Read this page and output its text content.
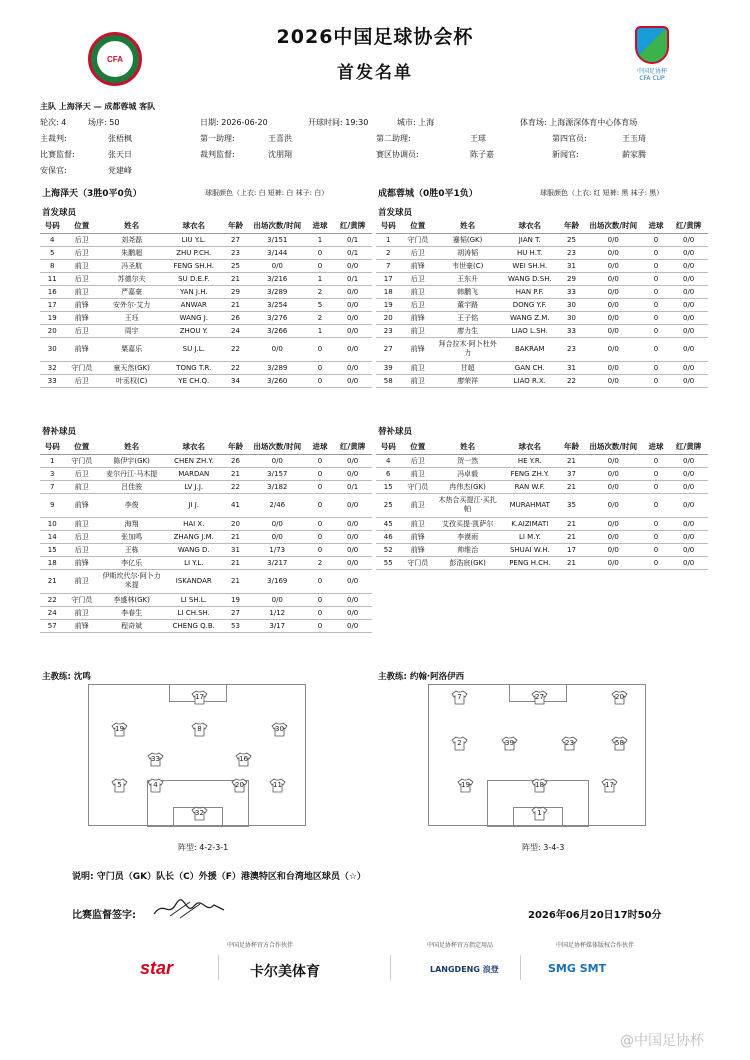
CFA
2026中国足球协会杯
首发名单	中国足协杯
CFA CUP
主队 上海泽天 — 成都蓉城 客队
轮次: 4	场序: 50	日期: 2026-06-20	开球时间: 19:30	城市: 上海	体育场: 上海源深体育中心体育场
主裁判:	张梧枫	第一助理:	王喜洪	第二助理:	王球	第四官员:	王玉琦
比赛监督:	张天日	裁判监督:	沈朋翔	赛区协调员:	陈子嘉	新闻官:	薪家腾
安保官:	党建峰
上海泽天（3胜0平0负）	球服颜色（上衣: 白 短裤: 白 袜子: 白）	成都蓉城（0胜0平1负）	球服颜色（上衣: 红 短裤: 黑 袜子: 黑）
首发球员	首发球员
号码	位置	姓名	球衣名	年龄	出场次数/时间	进球	红/黄牌
4	后卫	刘尧磊	LIU Y.L.	27	3/151	1	0/1
5	后卫	朱鹏超	ZHU P.CH.	23	3/144	0	0/1
8	前卫	冯圣航	FENG SH.H.	25	0/0	0	0/0
11	后卫	苏德尔夫	SU D.E.F.	21	3/216	1	0/1
16	前卫	严嘉豪	YAN J.H.	29	3/289	2	0/0
17	前锋	安外尔·艾力	ANWAR	21	3/254	5	0/0
19	前锋	王珏	WANG J.	26	3/276	2	0/0
20	后卫	周宇	ZHOU Y.	24	3/266	1	0/0
30	前锋	粟嘉乐	SU J.L.	22	0/0	0	0/0
32	守门员	童天然(GK)	TONG T.R.	22	3/289	0	0/0
33	后卫	叶丞权(C)	YE CH.Q.	34	3/260	0	0/0
号码	位置	姓名	球衣名	年龄	出场次数/时间	进球	红/黄牌
1	守门员	蹇韬(GK)	JIAN T.	25	0/0	0	0/0
2	后卫	胡涛韬	HU H.T.	23	0/0	0	0/0
7	前锋	韦世豪(C)	WEI SH.H.	31	0/0	0	0/0
17	后卫	王东升	WANG D.SH.	29	0/0	0	0/0
18	前卫	韩鹏飞	HAN P.F.	33	0/0	0	0/0
19	后卫	董宇路	DONG Y.F.	30	0/0	0	0/0
20	前锋	王子铭	WANG Z.M.	30	0/0	0	0/0
23	前卫	廖力生	LIAO L.SH.	33	0/0	0	0/0
27	前锋	拜合拉木·阿卜杜外力	BAKRAM	23	0/0	0	0/0
39	前卫	甘超	GAN CH.	31	0/0	0	0/0
58	前卫	廖荣祥	LIAO R.X.	22	0/0	0	0/0
替补球员	替补球员
号码	位置	姓名	球衣名	年龄	出场次数/时间	进球	红/黄牌
1	守门员	陈伊宇(GK)	CHEN ZH.Y.	26	0/0	0	0/0
3	后卫	麦尔丹江·马木提	MARDAN	21	3/157	0	0/0
7	前卫	吕佳骏	LV J.J.	22	3/182	0	0/1
9	前锋	李俊	JI J.	41	2/46	0	0/0
10	前卫	海翔	HAI X.	20	0/0	0	0/0
14	后卫	张加鸣	ZHANG J.M.	21	0/0	0	0/0
15	后卫	王栋	WANG D.	31	1/73	0	0/0
18	前锋	李亿乐	LI Y.L.	21	3/217	2	0/0
21	前卫	伊斯坎代尔·阿卜力米提	ISKANDAR	21	3/169	0	0/0
22	守门员	李盛林(GK)	LI SH.L.	19	0/0	0	0/0
24	前卫	李春生	LI CH.SH.	27	1/12	0	0/0
57	前锋	程奇斌	CHENG Q.B.	53	3/17	0	0/0
号码	位置	姓名	球衣名	年龄	出场次数/时间	进球	红/黄牌
4	后卫	贺一然	HE Y.R.	21	0/0	0	0/0
6	前卫	冯卓毅	FENG ZH.Y.	37	0/0	0	0/0
15	守门员	冉伟杰(GK)	RAN W.F.	21	0/0	0	0/0
25	前卫	木热合买提江·买扎帕	MURAHMAT	35	0/0	0	0/0
45	前卫	艾孜买提·凯萨尔	K.AIZIMATI	21	0/0	0	0/0
46	前锋	李漠雨	LI M.Y.	21	0/0	0	0/0
52	前锋	帅维治	SHUAI W.H.	17	0/0	0	0/0
55	守门员	彭浩宸(GK)	PENG H.CH.	21	0/0	0	0/0
主教练: 沈鸣	主教练: 约翰·阿洛伊西
17
19	8	30
33	16
5	4	20	11
32
7	27	20
2	39	23	58
19	18	17
1
阵型: 4-2-3-1	阵型: 3-4-3
说明: 守门员（GK）队长（C）外援（F）港澳特区和台湾地区球员（☆）
比赛监督签字:	2026年06月20日17时50分
中国足协杯官方合作伙伴	中国足协杯官方指定用品	中国足协杯媒体版权合作伙伴
star	卡尔美体育	LANGDENG 浪登	SMG SMT
@中国足协杯
